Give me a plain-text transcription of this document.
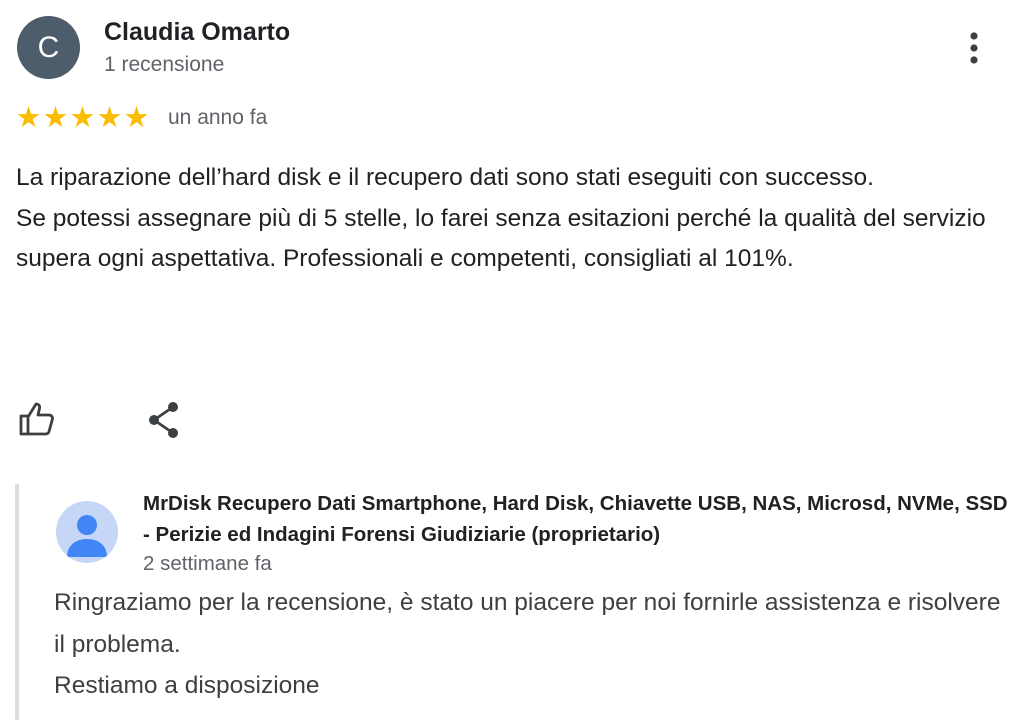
C	Claudia Omarto
1 recensione
★ ★ ★ ★ ★ un anno fa

La riparazione dell’hard disk e il recupero dati sono stati eseguiti con successo.

Se potessi assegnare più di 5 stelle, lo farei senza esitazioni perché la qualità del servizio supera ogni aspettativa. Professionali e competenti, consigliati al 101%.

MrDisk Recupero Dati Smartphone, Hard Disk, Chiavette USB, NAS, Microsd, NVMe, SSD - Perizie ed Indagini Forensi Giudiziarie (proprietario)
2 settimane fa

Ringraziamo per la recensione, è stato un piacere per noi fornirle assistenza e risolvere il problema.

Restiamo a disposizione
